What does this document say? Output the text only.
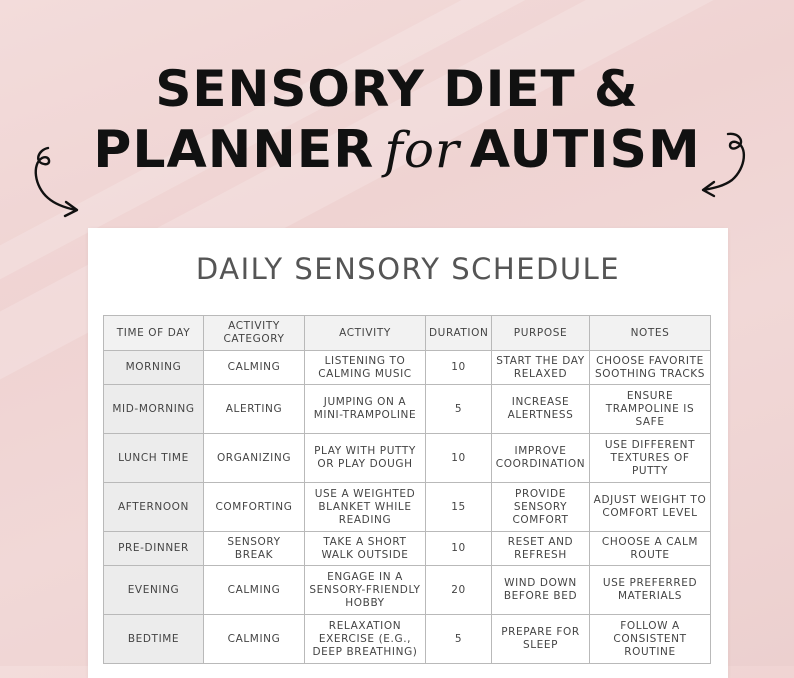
SENSORY DIET &
PLANNER for AUTISM
DAILY SENSORY SCHEDULE
TIME OF DAY	ACTIVITY CATEGORY	ACTIVITY	DURATION	PURPOSE	NOTES
MORNING	CALMING	LISTENING TO CALMING MUSIC	10	START THE DAY RELAXED	CHOOSE FAVORITE SOOTHING TRACKS
MID-MORNING	ALERTING	JUMPING ON A MINI-TRAMPOLINE	5	INCREASE ALERTNESS	ENSURE TRAMPOLINE IS SAFE
LUNCH TIME	ORGANIZING	PLAY WITH PUTTY OR PLAY DOUGH	10	IMPROVE COORDINATION	USE DIFFERENT TEXTURES OF PUTTY
AFTERNOON	COMFORTING	USE A WEIGHTED BLANKET WHILE READING	15	PROVIDE SENSORY COMFORT	ADJUST WEIGHT TO COMFORT LEVEL
PRE-DINNER	SENSORY BREAK	TAKE A SHORT WALK OUTSIDE	10	RESET AND REFRESH	CHOOSE A CALM ROUTE
EVENING	CALMING	ENGAGE IN A SENSORY-FRIENDLY HOBBY	20	WIND DOWN BEFORE BED	USE PREFERRED MATERIALS
BEDTIME	CALMING	RELAXATION EXERCISE (E.G., DEEP BREATHING)	5	PREPARE FOR SLEEP	FOLLOW A CONSISTENT ROUTINE
